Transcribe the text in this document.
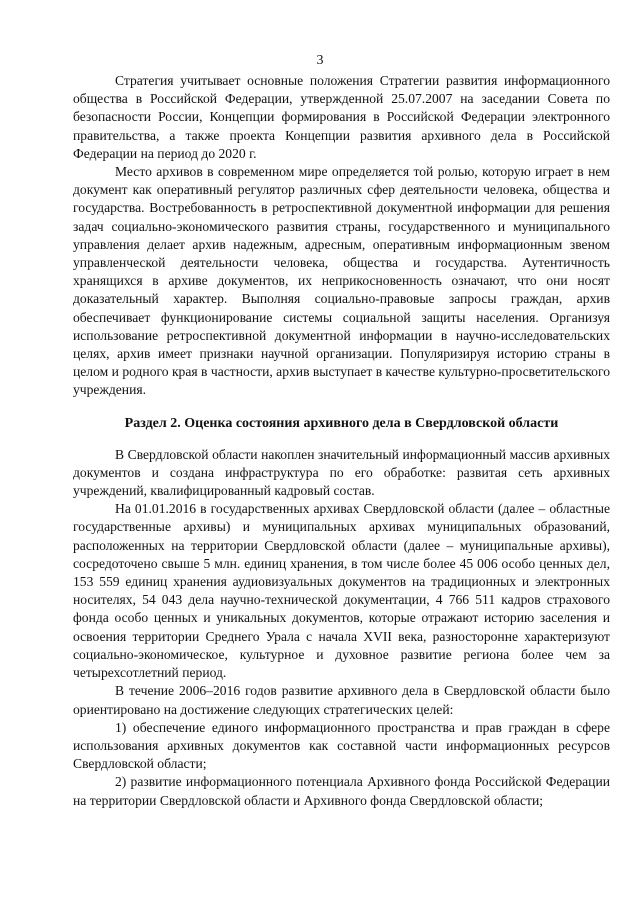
3

Стратегия учитывает основные положения Стратегии развития информационного общества в Российской Федерации, утвержденной 25.07.2007 на заседании Совета по безопасности России, Концепции формирования в Российской Федерации электронного правительства, а также проекта Концепции развития архивного дела в Российской Федерации на период до 2020 г.

Место архивов в современном мире определяется той ролью, которую играет в нем документ как оперативный регулятор различных сфер деятельности человека, общества и государства. Востребованность в ретроспективной документной информации для решения задач социально-экономического развития страны, государственного и муниципального управления делает архив надежным, адресным, оперативным информационным звеном управленческой деятельности человека, общества и государства. Аутентичность хранящихся в архиве документов, их неприкосновенность означают, что они носят доказательный характер. Выполняя социально-правовые запросы граждан, архив обеспечивает функционирование системы социальной защиты населения. Организуя использование ретроспективной документной информации в научно-исследовательских целях, архив имеет признаки научной организации. Популяризируя историю страны в целом и родного края в частности, архив выступает в качестве культурно-просветительского учреждения.

Раздел 2. Оценка состояния архивного дела в Свердловской области

В Свердловской области накоплен значительный информационный массив архивных документов и создана инфраструктура по его обработке: развитая сеть архивных учреждений, квалифицированный кадровый состав.

На 01.01.2016 в государственных архивах Свердловской области (далее – областные государственные архивы) и муниципальных архивах муниципальных образований, расположенных на территории Свердловской области (далее – муниципальные архивы), сосредоточено свыше 5 млн. единиц хранения, в том числе более 45 006 особо ценных дел, 153 559 единиц хранения аудиовизуальных документов на традиционных и электронных носителях, 54 043 дела научно-технической документации, 4 766 511 кадров страхового фонда особо ценных и уникальных документов, которые отражают историю заселения и освоения территории Среднего Урала с начала XVII века, разносторонне характеризуют социально-экономическое, культурное и духовное развитие региона более чем за четырехсотлетний период.

В течение 2006–2016 годов развитие архивного дела в Свердловской области было ориентировано на достижение следующих стратегических целей:

1) обеспечение единого информационного пространства и прав граждан в сфере использования архивных документов как составной части информационных ресурсов Свердловской области;

2) развитие информационного потенциала Архивного фонда Российской Федерации на территории Свердловской области и Архивного фонда Свердловской области;
